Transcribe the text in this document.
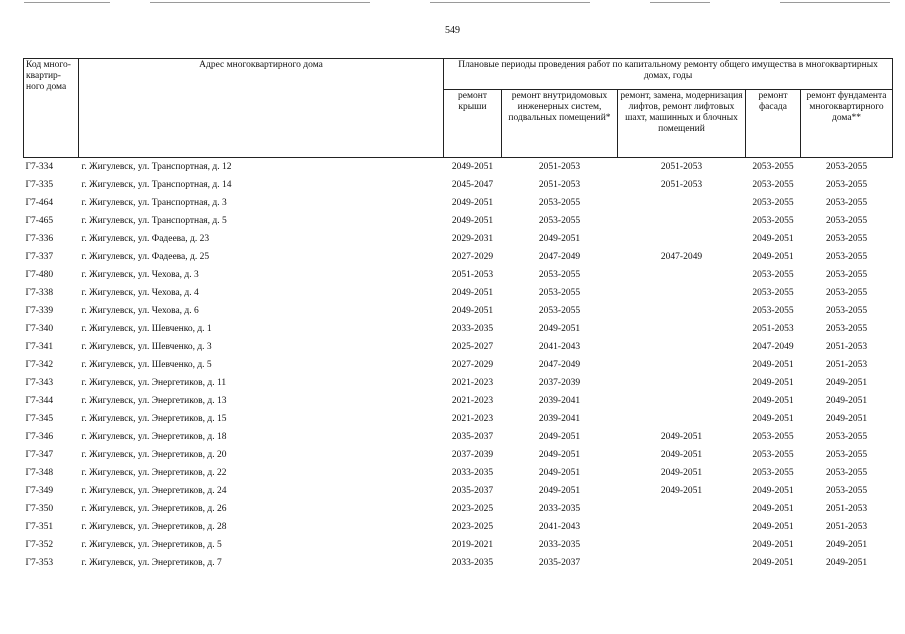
549
Код много-квартир-ного дома	Адрес многоквартирного дома	Плановые периоды проведения работ по капитальному ремонту общего имущества в многоквартирных домах, годы				
		ремонт крыши	ремонт внутридомовых инженерных систем, подвальных помещений*	ремонт, замена, модернизация лифтов, ремонт лифтовых шахт, машинных и блочных помещений	ремонт фасада	ремонт фундамента многоквартирного дома**
Г7-334	г. Жигулевск, ул. Транспортная, д. 12	2049-2051	2051-2053	2051-2053	2053-2055	2053-2055
Г7-335	г. Жигулевск, ул. Транспортная, д. 14	2045-2047	2051-2053	2051-2053	2053-2055	2053-2055
Г7-464	г. Жигулевск, ул. Транспортная, д. 3	2049-2051	2053-2055		2053-2055	2053-2055
Г7-465	г. Жигулевск, ул. Транспортная, д. 5	2049-2051	2053-2055		2053-2055	2053-2055
Г7-336	г. Жигулевск, ул. Фадеева, д. 23	2029-2031	2049-2051		2049-2051	2053-2055
Г7-337	г. Жигулевск, ул. Фадеева, д. 25	2027-2029	2047-2049	2047-2049	2049-2051	2053-2055
Г7-480	г. Жигулевск, ул. Чехова, д. 3	2051-2053	2053-2055		2053-2055	2053-2055
Г7-338	г. Жигулевск, ул. Чехова, д. 4	2049-2051	2053-2055		2053-2055	2053-2055
Г7-339	г. Жигулевск, ул. Чехова, д. 6	2049-2051	2053-2055		2053-2055	2053-2055
Г7-340	г. Жигулевск, ул. Шевченко, д. 1	2033-2035	2049-2051		2051-2053	2053-2055
Г7-341	г. Жигулевск, ул. Шевченко, д. 3	2025-2027	2041-2043		2047-2049	2051-2053
Г7-342	г. Жигулевск, ул. Шевченко, д. 5	2027-2029	2047-2049		2049-2051	2051-2053
Г7-343	г. Жигулевск, ул. Энергетиков, д. 11	2021-2023	2037-2039		2049-2051	2049-2051
Г7-344	г. Жигулевск, ул. Энергетиков, д. 13	2021-2023	2039-2041		2049-2051	2049-2051
Г7-345	г. Жигулевск, ул. Энергетиков, д. 15	2021-2023	2039-2041		2049-2051	2049-2051
Г7-346	г. Жигулевск, ул. Энергетиков, д. 18	2035-2037	2049-2051	2049-2051	2053-2055	2053-2055
Г7-347	г. Жигулевск, ул. Энергетиков, д. 20	2037-2039	2049-2051	2049-2051	2053-2055	2053-2055
Г7-348	г. Жигулевск, ул. Энергетиков, д. 22	2033-2035	2049-2051	2049-2051	2053-2055	2053-2055
Г7-349	г. Жигулевск, ул. Энергетиков, д. 24	2035-2037	2049-2051	2049-2051	2049-2051	2053-2055
Г7-350	г. Жигулевск, ул. Энергетиков, д. 26	2023-2025	2033-2035		2049-2051	2051-2053
Г7-351	г. Жигулевск, ул. Энергетиков, д. 28	2023-2025	2041-2043		2049-2051	2051-2053
Г7-352	г. Жигулевск, ул. Энергетиков, д. 5	2019-2021	2033-2035		2049-2051	2049-2051
Г7-353	г. Жигулевск, ул. Энергетиков, д. 7	2033-2035	2035-2037		2049-2051	2049-2051
